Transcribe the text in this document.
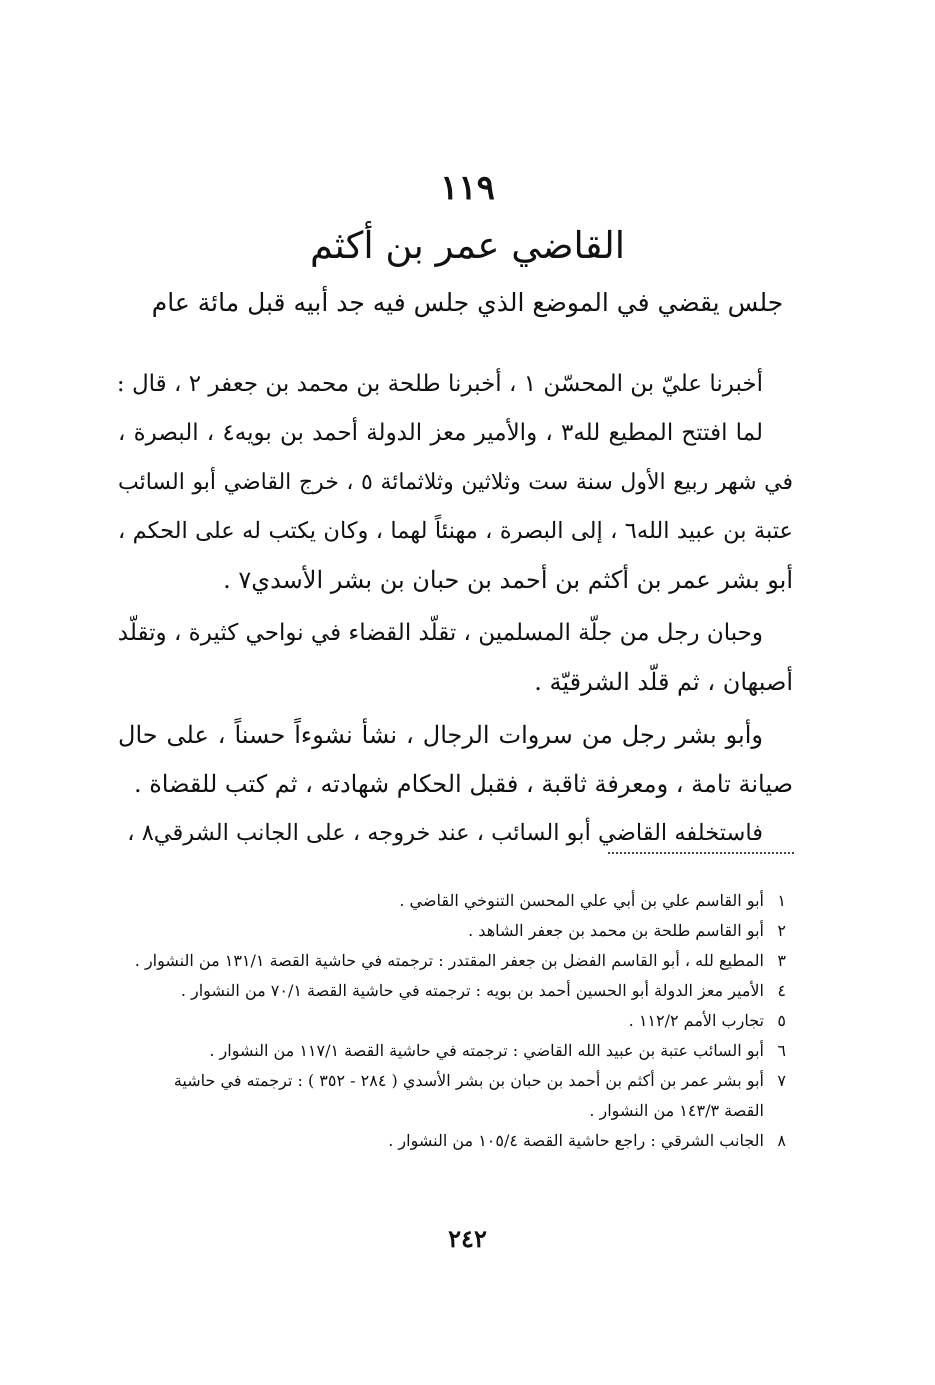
١١٩
القاضي عمر بن أكثم
جلس يقضي في الموضع الذي جلس فيه جد أبيه قبل مائة عام
أخبرنا عليّ بن المحسّن ١ ، أخبرنا طلحة بن محمد بن جعفر ٢ ، قال :
لما افتتح المطيع لله٣ ، والأمير معز الدولة أحمد بن بويه٤ ، البصرة ،
في شهر ربيع الأول سنة ست وثلاثين وثلاثمائة ٥ ، خرج القاضي أبو السائب
عتبة بن عبيد الله٦ ، إلى البصرة ، مهنئاً لهما ، وكان يكتب له على الحكم ،
أبو بشر عمر بن أكثم بن أحمد بن حبان بن بشر الأسدي٧ .
وحبان رجل من جلّة المسلمين ، تقلّد القضاء في نواحي كثيرة ، وتقلّد
أصبهان ، ثم قلّد الشرقيّة .
وأبو بشر رجل من سروات الرجال ، نشأ نشوءاً حسناً ، على حال
صيانة تامة ، ومعرفة ثاقبة ، فقبل الحكام شهادته ، ثم كتب للقضاة .
فاستخلفه القاضي أبو السائب ، عند خروجه ، على الجانب الشرقي٨ ،
١
أبو القاسم علي بن أبي علي المحسن التنوخي القاضي .
٢
أبو القاسم طلحة بن محمد بن جعفر الشاهد .
٣
المطيع لله ، أبو القاسم الفضل بن جعفر المقتدر : ترجمته في حاشية القصة ١٣١/١ من النشوار .
٤
الأمير معز الدولة أبو الحسين أحمد بن بويه : ترجمته في حاشية القصة ٧٠/١ من النشوار .
٥
تجارب الأمم ١١٢/٢ .
٦
أبو السائب عتبة بن عبيد الله القاضي : ترجمته في حاشية القصة ١١٧/١ من النشوار .
٧
أبو بشر عمر بن أكثم بن أحمد بن حبان بن بشر الأسدي ( ٢٨٤ - ٣٥٢ ) : ترجمته في حاشية
القصة ١٤٣/٣ من النشوار .
٨
الجانب الشرقي : راجع حاشية القصة ١٠٥/٤ من النشوار .
٢٤٢
